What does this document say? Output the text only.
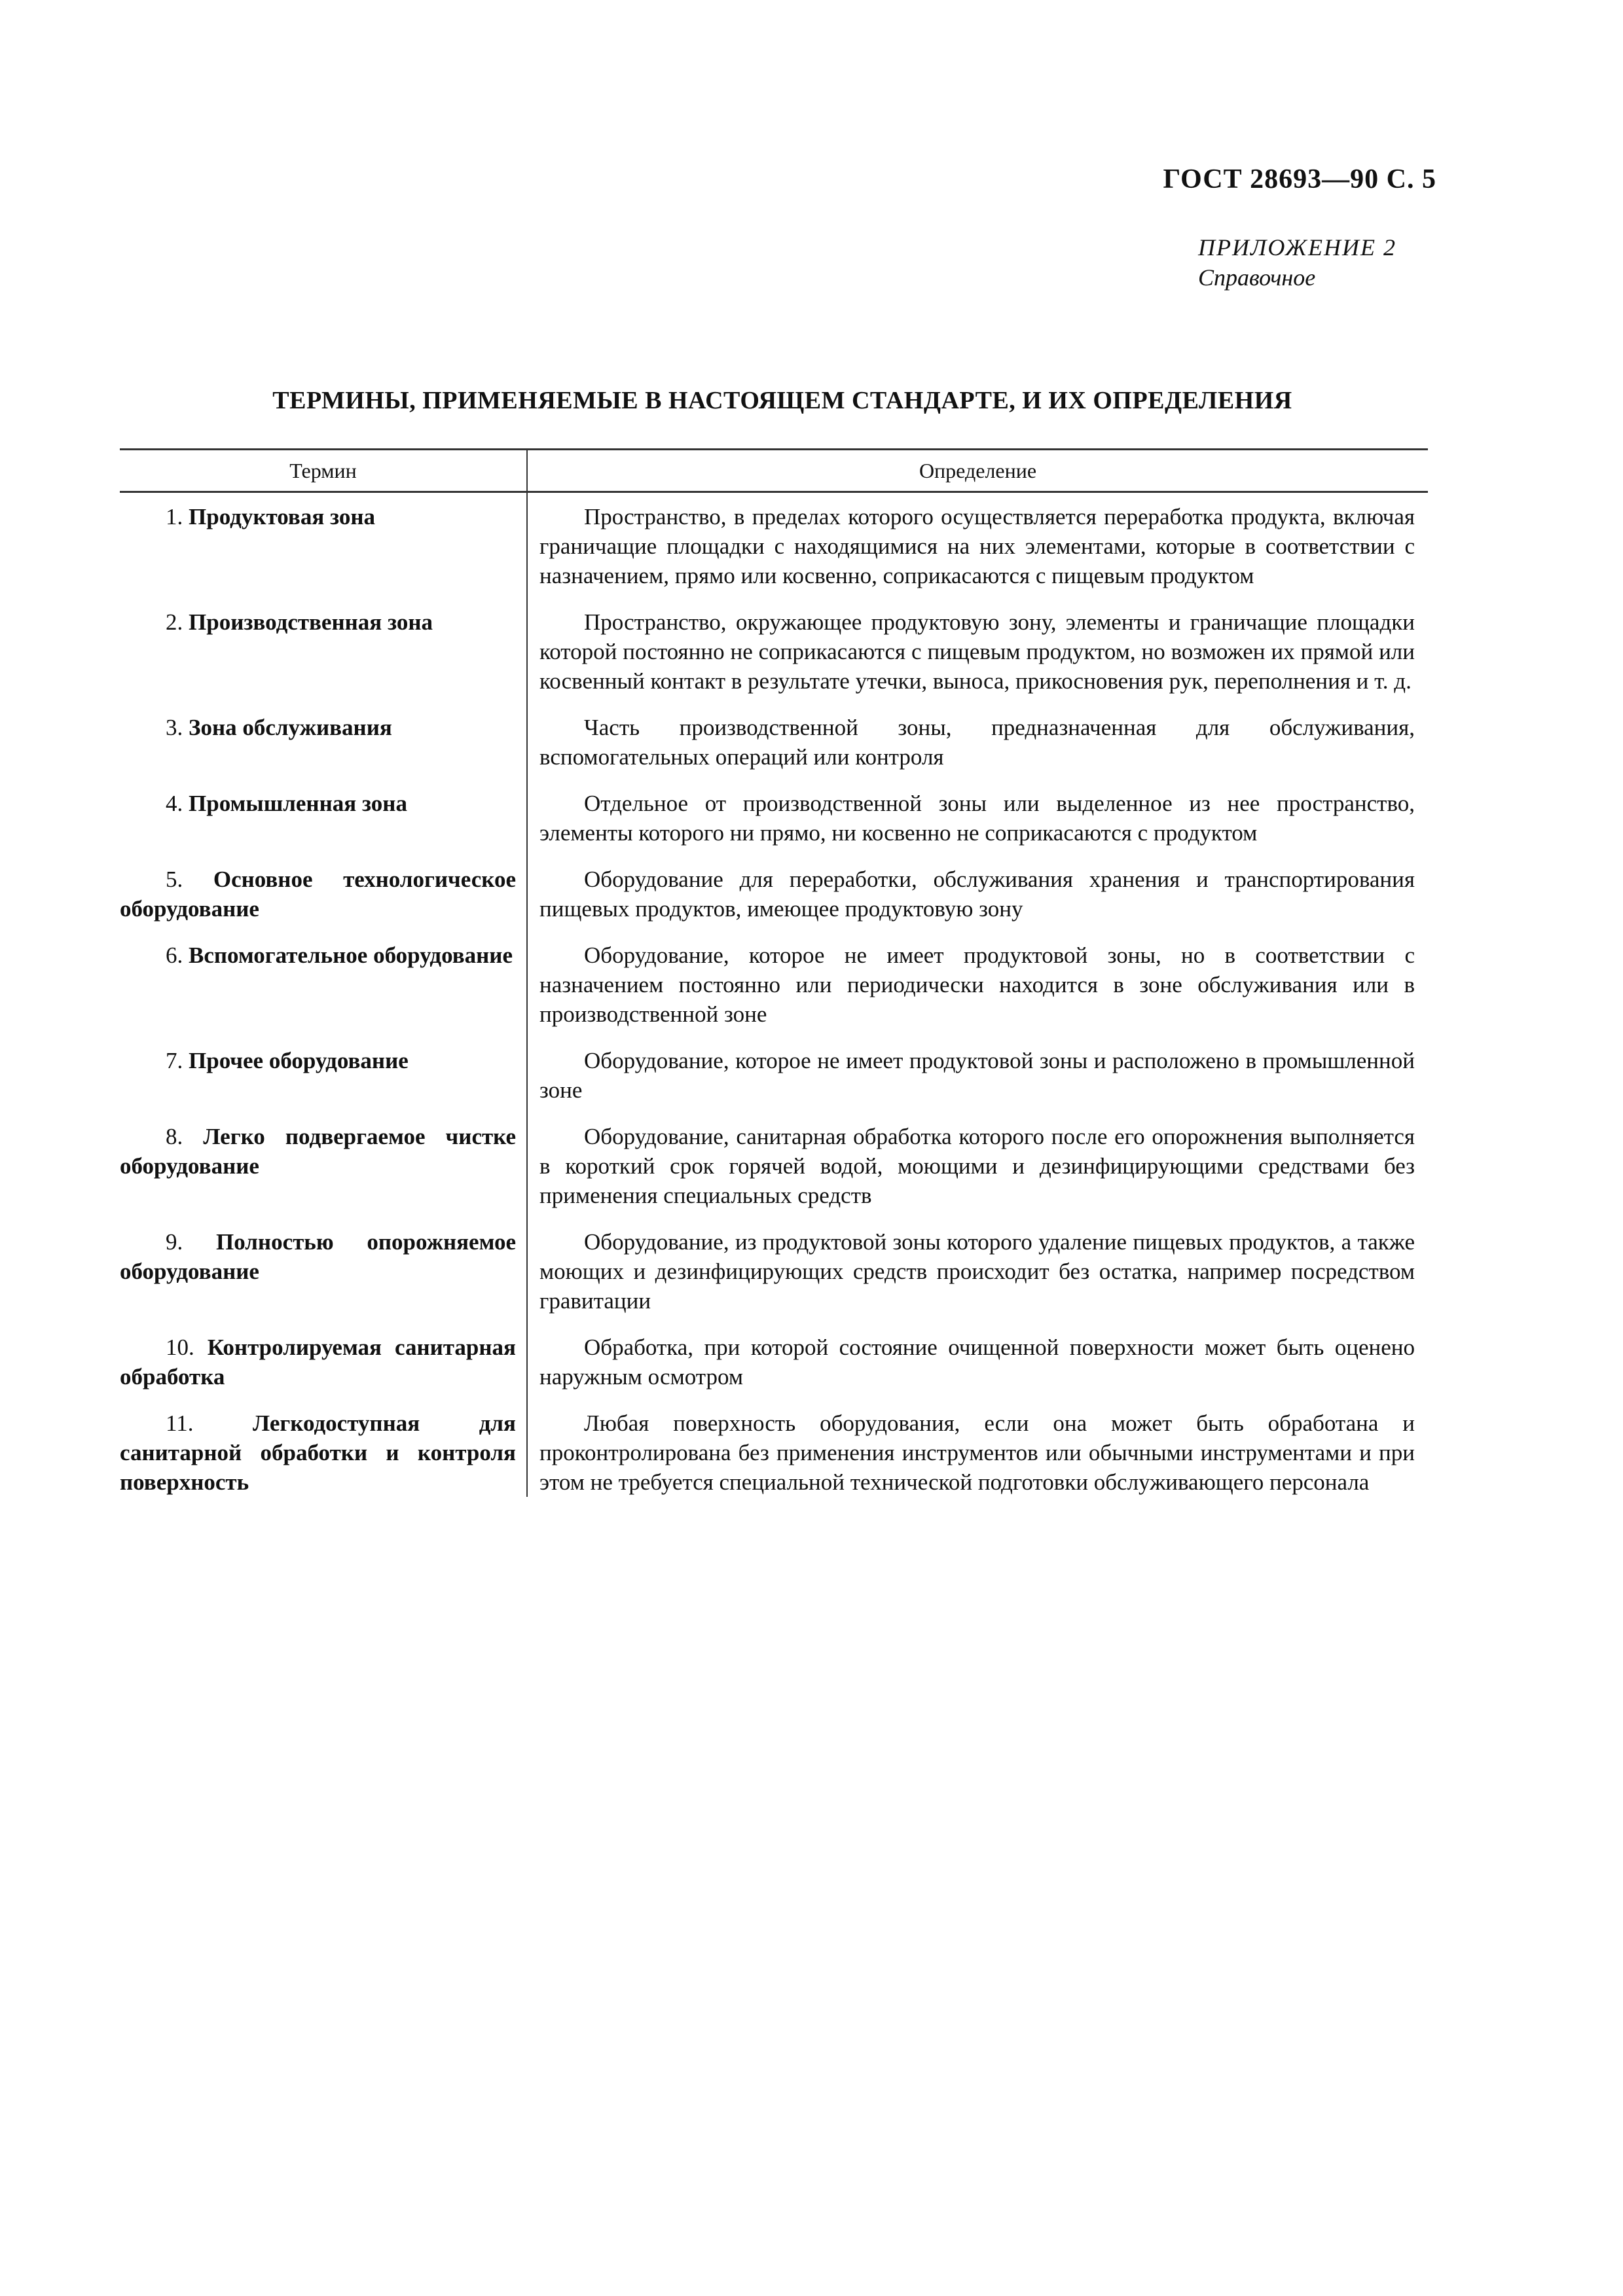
ГОСТ 28693—90 С. 5
ПРИЛОЖЕНИЕ 2
Справочное
ТЕРМИНЫ, ПРИМЕНЯЕМЫЕ В НАСТОЯЩЕМ СТАНДАРТЕ, И ИХ ОПРЕДЕЛЕНИЯ
Термин	Определение
1. Продуктовая зона	Пространство, в пределах которого осуществляется переработка продукта, включая граничащие площадки с находящимися на них элементами, которые в соответствии с назначением, прямо или косвенно, соприкасаются с пищевым продуктом
2. Производственная зона	Пространство, окружающее продуктовую зону, элементы и граничащие площадки которой постоянно не соприкасаются с пищевым продуктом, но возможен их прямой или косвенный контакт в результате утечки, выноса, прикосновения рук, переполнения и т. д.
3. Зона обслуживания	Часть производственной зоны, предназначенная для обслуживания, вспомогательных операций или контроля
4. Промышленная зона	Отдельное от производственной зоны или выделенное из нее пространство, элементы которого ни прямо, ни косвенно не соприкасаются с продуктом
5. Основное технологическое оборудование	Оборудование для переработки, обслуживания хранения и транспортирования пищевых продуктов, имеющее продуктовую зону
6. Вспомогательное оборудование	Оборудование, которое не имеет продуктовой зоны, но в соответствии с назначением постоянно или периодически находится в зоне обслуживания или в производственной зоне
7. Прочее оборудование	Оборудование, которое не имеет продуктовой зоны и расположено в промышленной зоне
8. Легко подвергаемое чистке оборудование	Оборудование, санитарная обработка которого после его опорожнения выполняется в короткий срок горячей водой, моющими и дезинфицирующими средствами без применения специальных средств
9. Полностью опорожняемое оборудование	Оборудование, из продуктовой зоны которого удаление пищевых продуктов, а также моющих и дезинфицирующих средств происходит без остатка, например посредством гравитации
10. Контролируемая санитарная обработка	Обработка, при которой состояние очищенной поверхности может быть оценено наружным осмотром
11. Легкодоступная для санитарной обработки и контроля поверхность	Любая поверхность оборудования, если она может быть обработана и проконтролирована без применения инструментов или обычными инструментами и при этом не требуется специальной технической подготовки обслуживающего персонала
